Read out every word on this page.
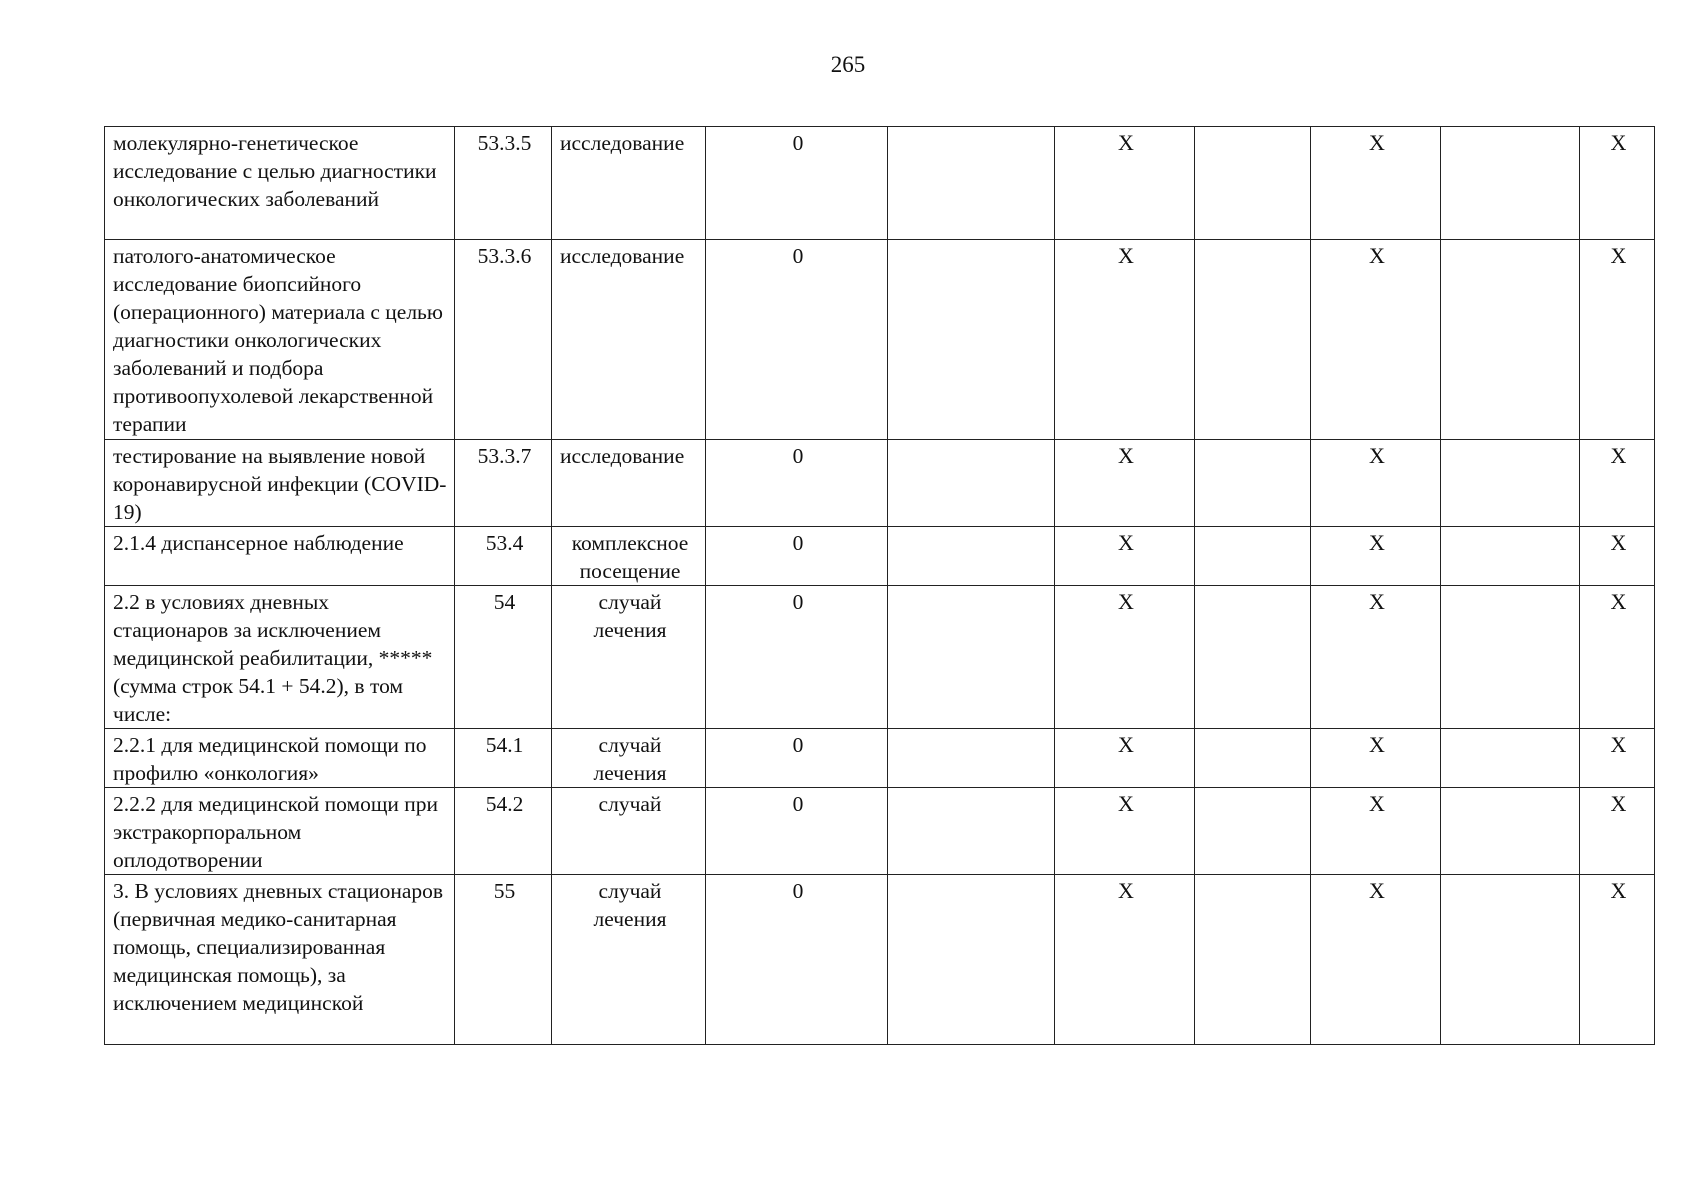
265
молекулярно-генетическое исследование с целью диагностики онкологических заболеваний	53.3.5	исследование	0		X		X		X
патолого-анатомическое исследование биопсийного (операционного) материала с целью диагностики онкологических заболеваний и подбора противоопухолевой лекарственной терапии	53.3.6	исследование	0		X		X		X
тестирование на выявление новой коронавирусной инфекции (COVID-19)	53.3.7	исследование	0		X		X		X
2.1.4 диспансерное наблюдение	53.4	комплексное посещение	0		X		X		X
2.2 в условиях дневных стационаров за исключением медицинской реабилитации, ***** (сумма строк 54.1 + 54.2), в том числе:	54	случай лечения	0		X		X		X
2.2.1 для медицинской помощи по профилю «онкология»	54.1	случай лечения	0		X		X		X
2.2.2 для медицинской помощи при экстракорпоральном оплодотворении	54.2	случай	0		X		X		X
3. В условиях дневных стационаров (первичная медико-санитарная помощь, специализированная медицинская помощь), за исключением медицинской	55	случай лечения	0		X		X		X
